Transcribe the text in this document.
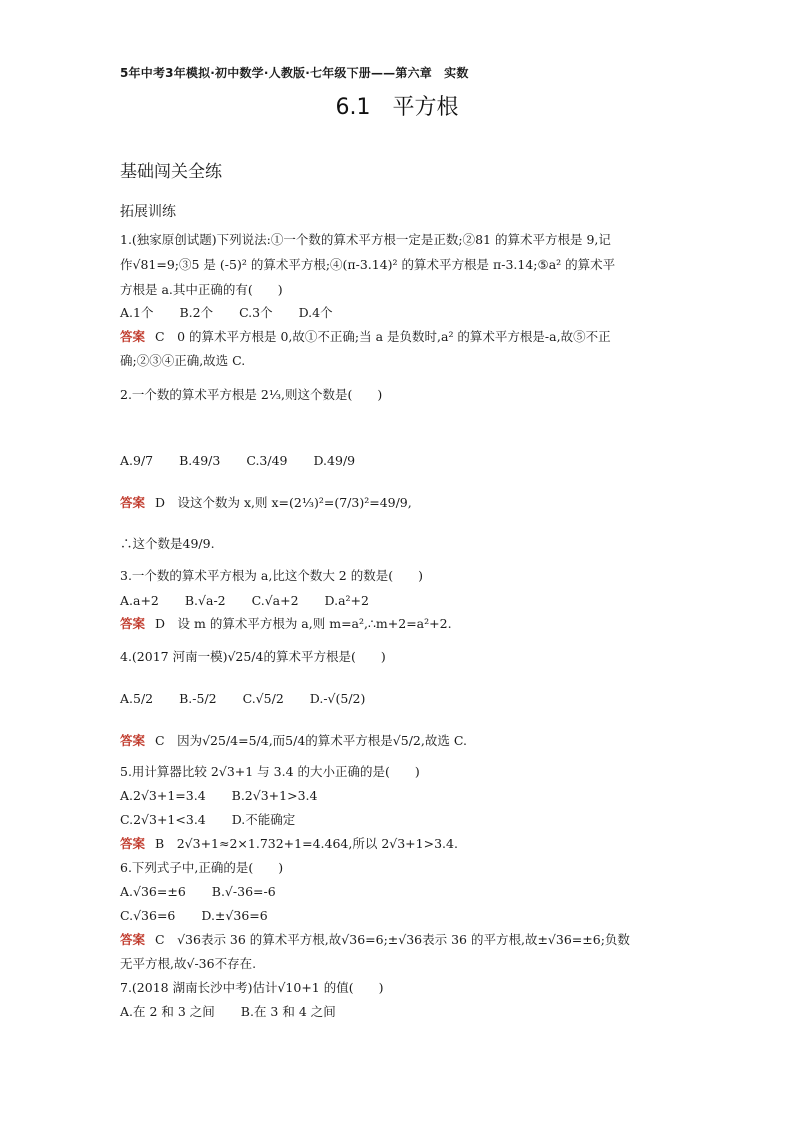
5年中考3年模拟·初中数学·人教版·七年级下册——第六章　实数
6.1　平方根
基础闯关全练
拓展训练
1.(独家原创试题)下列说法:①一个数的算术平方根一定是正数;②81 的算术平方根是 9,记
作√81=9;③5 是 (-5)² 的算术平方根;④(π-3.14)² 的算术平方根是 π-3.14;⑤a² 的算术平
方根是 a.其中正确的有(　　)
A.1个 B.2个 C.3个 D.4个
答案 C　0 的算术平方根是 0,故①不正确;当 a 是负数时,a² 的算术平方根是-a,故⑤不正
确;②③④正确,故选 C.
2.一个数的算术平方根是 2⅓,则这个数是(　　)
A.9/7 B.49/3 C.3/49 D.49/9
答案 D　设这个数为 x,则 x=(2⅓)²=(7/3)²=49/9,
∴这个数是49/9.
3.一个数的算术平方根为 a,比这个数大 2 的数是(　　)
A.a+2 B.√a-2 C.√a+2 D.a²+2
答案 D　设 m 的算术平方根为 a,则 m=a²,∴m+2=a²+2.
4.(2017 河南一模)√25/4的算术平方根是(　　)
A.5/2 B.-5/2 C.√5/2 D.-√(5/2)
答案 C　因为√25/4=5/4,而5/4的算术平方根是√5/2,故选 C.
5.用计算器比较 2√3+1 与 3.4 的大小正确的是(　　)
A.2√3+1=3.4 B.2√3+1>3.4
C.2√3+1<3.4 D.不能确定
答案 B　2√3+1≈2×1.732+1=4.464,所以 2√3+1>3.4.
6.下列式子中,正确的是(　　)
A.√36=±6 B.√-36=-6
C.√36=6 D.±√36=6
答案 C　√36表示 36 的算术平方根,故√36=6;±√36表示 36 的平方根,故±√36=±6;负数
无平方根,故√-36不存在.
7.(2018 湖南长沙中考)估计√10+1 的值(　　)
A.在 2 和 3 之间 B.在 3 和 4 之间
